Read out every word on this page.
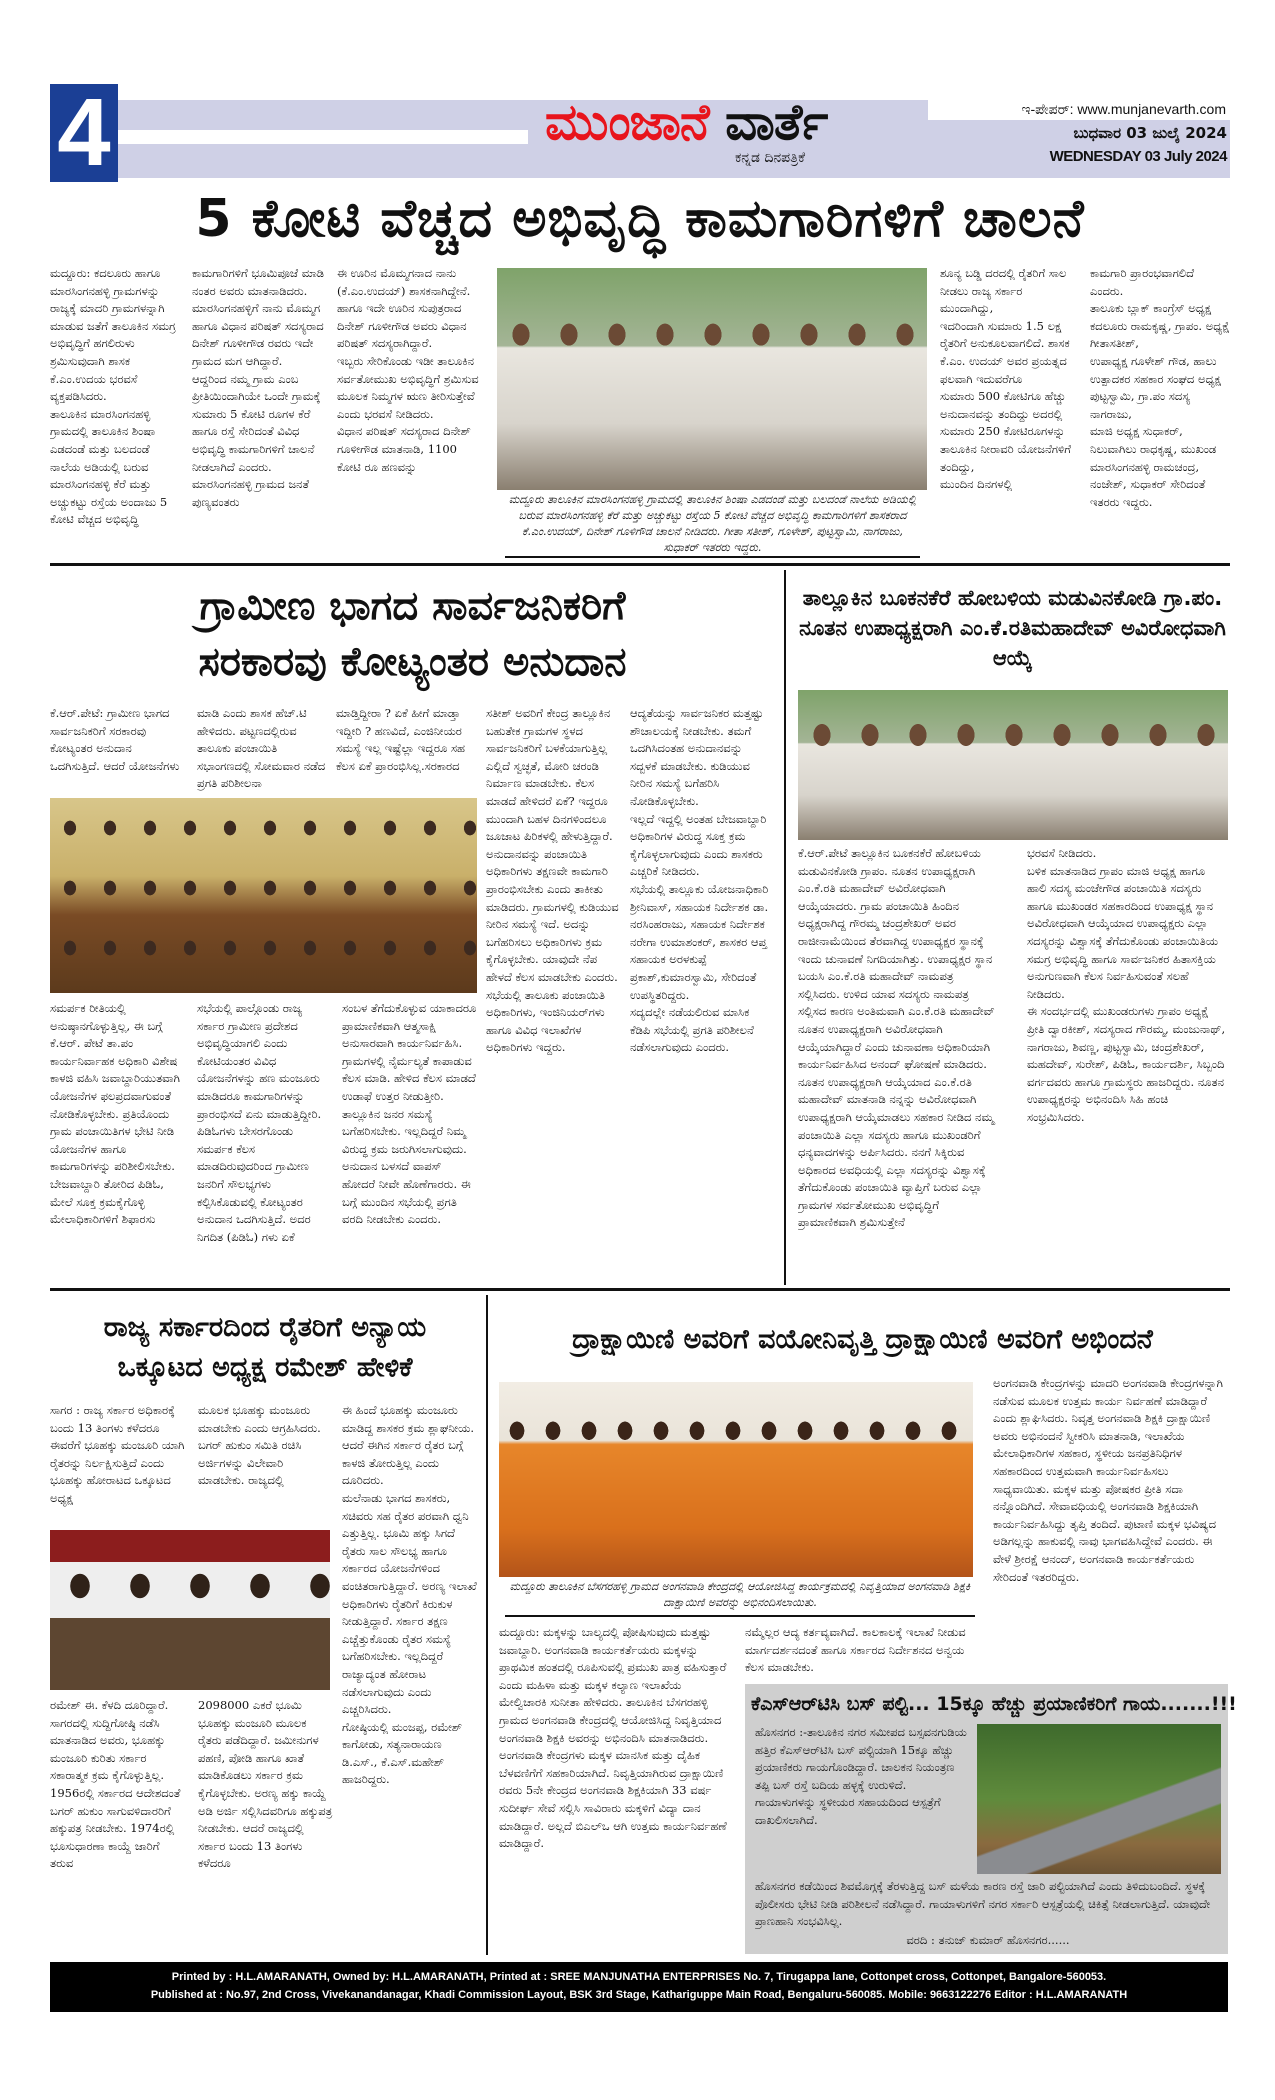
4	ಮುಂಜಾನೆ ವಾರ್ತೆ
ಕನ್ನಡ ದಿನಪತ್ರಿಕೆ
ಇ-ಪೇಪರ್: www.munjanevarth.com
ಬುಧವಾರ 03 ಜುಲೈ 2024
WEDNESDAY 03 July 2024
5 ಕೋಟಿ ವೆಚ್ಚದ ಅಭಿವೃದ್ಧಿ ಕಾಮಗಾರಿಗಳಿಗೆ ಚಾಲನೆ
ಮದ್ದೂರು: ಕದಲೂರು ಹಾಗೂ ಮಾರಸಿಂಗನಹಳ್ಳಿ ಗ್ರಾಮಗಳನ್ನು ರಾಜ್ಯಕ್ಕೆ ಮಾದರಿ ಗ್ರಾಮಗಳನ್ನಾಗಿ ಮಾಡುವ ಜತೆಗೆ ತಾಲೂಕಿನ ಸಮಗ್ರ ಅಭಿವೃದ್ಧಿಗೆ ಹಗಲಿರುಳು ಶ್ರಮಿಸುವುದಾಗಿ ಶಾಸಕ ಕೆ.ಎಂ.ಉದಯ ಭರವಸೆ ವ್ಯಕ್ತಪಡಿಸಿದರು.
ತಾಲೂಕಿನ ಮಾರಸಿಂಗನಹಳ್ಳಿ ಗ್ರಾಮದಲ್ಲಿ ತಾಲೂಕಿನ ಶಿಂಷಾ ಎಡದಂಡೆ ಮತ್ತು ಬಲದಂಡೆ ನಾಲೆಯ ಅಡಿಯಲ್ಲಿ ಬರುವ ಮಾರಸಿಂಗನಹಳ್ಳಿ ಕೆರೆ ಮತ್ತು ಅಚ್ಚುಕಟ್ಟು ರಸ್ತೆಯ ಅಂದಾಜು 5 ಕೋಟಿ ವೆಚ್ಚದ ಅಭಿವೃದ್ಧಿ
ಕಾಮಗಾರಿಗಳಿಗೆ ಭೂಮಿಪೂಜೆ ಮಾಡಿ ನಂತರ ಅವರು ಮಾತನಾಡಿದರು.
ಮಾರಸಿಂಗನಹಳ್ಳಿಗೆ ನಾನು ಮೊಮ್ಮಗ ಹಾಗೂ ವಿಧಾನ ಪರಿಷತ್ ಸದಸ್ಯರಾದ ದಿನೇಶ್ ಗೂಳೀಗೌಡ ರವರು ಇದೇ ಗ್ರಾಮದ ಮಗ ಆಗಿದ್ದಾರೆ.
ಆದ್ದರಿಂದ ನಮ್ಮ ಗ್ರಾಮ ಎಂಬ ಪ್ರೀತಿಯಿಂದಾಗಿಯೇ ಒಂದೇ ಗ್ರಾಮಕ್ಕೆ ಸುಮಾರು 5 ಕೋಟಿ ರೂಗಳ ಕೆರೆ ಹಾಗೂ ರಸ್ತೆ ಸೇರಿದಂತೆ ವಿವಿಧ ಅಭಿವೃದ್ಧಿ ಕಾಮಗಾರಿಗಳಿಗೆ ಚಾಲನೆ ನೀಡಲಾಗಿದೆ ಎಂದರು.
ಮಾರಸಿಂಗನಹಳ್ಳಿ ಗ್ರಾಮದ ಜನತೆ ಪುಣ್ಯವಂತರು
ಈ ಊರಿನ ಮೊಮ್ಮಗನಾದ ನಾನು (ಕೆ.ಎಂ.ಉದಯ್) ಶಾಸಕನಾಗಿದ್ದೇನೆ.
ಹಾಗೂ ಇದೇ ಊರಿನ ಸುಪುತ್ರರಾದ ದಿನೇಶ್ ಗೂಳೀಗೌಡ ಅವರು ವಿಧಾನ ಪರಿಷತ್ ಸದಸ್ಯರಾಗಿದ್ದಾರೆ.
ಇಬ್ಬರು ಸೇರಿಕೊಂಡು ಇಡೀ ತಾಲೂಕಿನ ಸರ್ವತೋಮುಖ ಅಭಿವೃದ್ಧಿಗೆ ಶ್ರಮಿಸುವ ಮೂಲಕ ನಿಮ್ಮಗಳ ಋಣ ತೀರಿಸುತ್ತೇವೆ ಎಂದು ಭರವಸೆ ನೀಡಿದರು.
ವಿಧಾನ ಪರಿಷತ್ ಸದಸ್ಯರಾದ ದಿನೇಶ್ ಗೂಳೀಗೌಡ ಮಾತನಾಡಿ, 1100 ಕೋಟಿ ರೂ ಹಣವನ್ನು
ಮದ್ದೂರು ತಾಲೂಕಿನ ಮಾರಸಿಂಗನಹಳ್ಳಿ ಗ್ರಾಮದಲ್ಲಿ ತಾಲೂಕಿನ ಶಿಂಷಾ ಎಡದಂಡೆ ಮತ್ತು ಬಲದಂಡೆ ನಾಲೆಯ ಅಡಿಯಲ್ಲಿ ಬರುವ ಮಾರಸಿಂಗನಹಳ್ಳಿ ಕೆರೆ ಮತ್ತು ಅಚ್ಚುಕಟ್ಟು ರಸ್ತೆಯ 5 ಕೋಟಿ ವೆಚ್ಚದ ಅಭಿವೃದ್ಧಿ ಕಾಮಗಾರಿಗಳಿಗೆ ಶಾಸಕರಾದ ಕೆ.ಎಂ.ಉದಯ್, ದಿನೇಶ್ ಗೂಳಿಗೌಡ ಚಾಲನೆ ನೀಡಿದರು. ಗೀತಾ ಸತೀಶ್, ಗೂಳೇಶ್, ಪುಟ್ಟಸ್ವಾಮಿ, ನಾಗರಾಜು, ಸುಧಾಕರ್ ಇತರರು ಇದ್ದರು.
ಶೂನ್ಯ ಬಡ್ಡಿ ದರದಲ್ಲಿ ರೈತರಿಗೆ ಸಾಲ ನೀಡಲು ರಾಜ್ಯ ಸರ್ಕಾರ ಮುಂದಾಗಿದ್ದು,
ಇದರಿಂದಾಗಿ ಸುಮಾರು 1.5 ಲಕ್ಷ ರೈತರಿಗೆ ಅನುಕೂಲವಾಗಲಿದೆ. ಶಾಸಕ ಕೆ.ಎಂ. ಉದಯ್ ಅವರ ಪ್ರಯತ್ನದ ಫಲವಾಗಿ ಇದುವರೆಗೂ
ಸುಮಾರು 500 ಕೋಟಿಗೂ ಹೆಚ್ಚು ಅನುದಾನವನ್ನು ತಂದಿದ್ದು ಅದರಲ್ಲಿ ಸುಮಾರು 250 ಕೋಟಿರೂಗಳನ್ನು ತಾಲೂಕಿನ ನೀರಾವರಿ ಯೋಜನೆಗಳಿಗೆ ತಂದಿದ್ದು,
ಮುಂದಿನ ದಿನಗಳಲ್ಲಿ
ಕಾಮಗಾರಿ ಪ್ರಾರಂಭವಾಗಲಿದೆ ಎಂದರು.
ತಾಲೂಕು ಬ್ಲಾಕ್ ಕಾಂಗ್ರೆಸ್ ಅಧ್ಯಕ್ಷ ಕದಲೂರು ರಾಮಕೃಷ್ಣ, ಗ್ರಾಪಂ. ಅಧ್ಯಕ್ಷೆ ಗೀತಾಸತೀಶ್,
ಉಪಾಧ್ಯಕ್ಷ ಗೂಳೇಶ್ ಗೌಡ, ಹಾಲು ಉತ್ಪಾದಕರ ಸಹಕಾರ ಸಂಘದ ಅಧ್ಯಕ್ಷ ಪುಟ್ಟಸ್ವಾಮಿ, ಗ್ರಾ.ಪಂ ಸದಸ್ಯ ನಾಗರಾಜು,
ಮಾಜಿ ಅಧ್ಯಕ್ಷ ಸುಧಾಕರ್, ನಿಲುವಾಗಿಲು ರಾಧಕೃಷ್ಣ, ಮುಖಂಡ ಮಾರಸಿಂಗನಹಳ್ಳಿ ರಾಮಚಂದ್ರ, ನಂಜೇಶ್, ಸುಧಾಕರ್ ಸೇರಿದಂತೆ ಇತರರು ಇದ್ದರು.
ಗ್ರಾಮೀಣ ಭಾಗದ ಸಾರ್ವಜನಿಕರಿಗೆ
ಸರಕಾರವು ಕೋಟ್ಯಂತರ ಅನುದಾನ
ಕೆ.ಆರ್.ಪೇಟೆ: ಗ್ರಾಮೀಣ ಭಾಗದ ಸಾರ್ವಜನಿಕರಿಗೆ ಸರಕಾರವು ಕೋಟ್ಯಂತರ ಅನುದಾನ ಒದಗಿಸುತ್ತಿದೆ. ಆದರೆ ಯೋಜನೆಗಳು
ಮಾಡಿ ಎಂದು ಶಾಸಕ ಹೆಚ್.ಟಿ ಹೇಳಿದರು. ಪಟ್ಟಣದಲ್ಲಿರುವ ತಾಲೂಕು ಪಂಚಾಯಿತಿ ಸಭಾಂಗಣದಲ್ಲಿ ಸೋಮವಾರ ನಡೆದ ಪ್ರಗತಿ ಪರಿಶೀಲನಾ
ಮಾಡ್ತಿದ್ದೀರಾ ? ಏಕೆ ಹೀಗೆ ಮಾಡ್ತಾ ಇದ್ದೀರಿ ? ಹಣವಿದೆ, ಎಂಜಿನೀಯರ ಸಮಸ್ಯೆ ಇಲ್ಲ ಇಷ್ಟೆಲ್ಲಾ ಇದ್ದರೂ ಸಹ ಕೆಲಸ ಏಕೆ ಪ್ರಾರಂಭಿಸಿಲ್ಲ.ಸರಕಾರದ
ಸತೀಶ್ ಅವರಿಗೆ ಕೇಂದ್ರ ತಾಲ್ಲೂಕಿನ ಬಹುತೇಕ ಗ್ರಾಮಗಳ ಸ್ಥಳದ ಸಾರ್ವಜನಿಕರಿಗೆ ಬಳಕೆಯಾಗುತ್ತಿಲ್ಲ ಎಲ್ಲಿದೆ ಸ್ವಚ್ಛತೆ, ಮೋರಿ ಚರಂಡಿ ನಿರ್ಮಾಣ ಮಾಡಬೇಕು. ಕೆಲಸ ಮಾಡದೆ ಹೇಳಿದರೆ ಏಕೆ? ಇದ್ದರೂ ಮುಂದಾಗಿ ಬಹಳ ದಿನಗಳಿಂದಲೂ ಜೂಜಾಟ ಪಿರಿಕಳಲ್ಲಿ ಹೇಳುತ್ತಿದ್ದಾರೆ. ಅನುದಾನವನ್ನು ಪಂಚಾಯಿತಿ ಅಧಿಕಾರಿಗಳು ತಕ್ಷಣವೇ ಕಾಮಗಾರಿ ಪ್ರಾರಂಭಿಸಬೇಕು ಎಂದು ತಾಕೀತು ಮಾಡಿದರು. ಗ್ರಾಮಗಳಲ್ಲಿ ಕುಡಿಯುವ ನೀರಿನ ಸಮಸ್ಯೆ ಇದೆ. ಅದನ್ನು ಬಗೆಹರಿಸಲು ಅಧಿಕಾರಿಗಳು ಕ್ರಮ ಕೈಗೊಳ್ಳಬೇಕು. ಯಾವುದೇ ನೆಪ ಹೇಳದೆ ಕೆಲಸ ಮಾಡಬೇಕು ಎಂದರು. ಸಭೆಯಲ್ಲಿ ತಾಲೂಕು ಪಂಚಾಯಿತಿ ಅಧಿಕಾರಿಗಳು, ಇಂಜಿನಿಯರ್‌ಗಳು ಹಾಗೂ ವಿವಿಧ ಇಲಾಖೆಗಳ ಅಧಿಕಾರಿಗಳು ಇದ್ದರು.
ಆದ್ಯತೆಯನ್ನು ಸಾರ್ವಜನಿಕರ ಮತ್ತಷ್ಟು ಶೌಚಾಲಯಕ್ಕೆ ನೀಡಬೇಕು. ತಮಗೆ ಒದಗಿಸಿದಂತಹ ಅನುದಾನವನ್ನು ಸದ್ಬಳಕೆ ಮಾಡಬೇಕು. ಕುಡಿಯುವ ನೀರಿನ ಸಮಸ್ಯೆ ಬಗೆಹರಿಸಿ ನೋಡಿಕೊಳ್ಳಬೇಕು.
ಇಲ್ಲದೆ ಇದ್ದಲ್ಲಿ ಅಂತಹ ಬೇಜವಾಬ್ದಾರಿ ಅಧಿಕಾರಿಗಳ ವಿರುದ್ಧ ಸೂಕ್ತ ಕ್ರಮ ಕೈಗೊಳ್ಳಲಾಗುವುದು ಎಂದು ಶಾಸಕರು ಎಚ್ಚರಿಕೆ ನೀಡಿದರು.
ಸಭೆಯಲ್ಲಿ ತಾಲ್ಲೂಕು ಯೋಜನಾಧಿಕಾರಿ ಶ್ರೀನಿವಾಸ್, ಸಹಾಯಕ ನಿರ್ದೇಶಕ ಡಾ. ನರಸಿಂಹರಾಜು, ಸಹಾಯಕ ನಿರ್ದೇಶಕ ನರೇಗಾ ಉಮಾಶಂಕರ್, ಶಾಸಕರ ಆಪ್ತ ಸಹಾಯಕ ಅರಳಕುಪ್ಪೆ ಪ್ರಕಾಶ್,ಕುಮಾರಸ್ವಾಮಿ, ಸೇರಿದಂತೆ ಉಪಸ್ಥಿತರಿದ್ದರು.
ಸದ್ಯದಲ್ಲೇ ನಡೆಯಲಿರುವ ಮಾಸಿಕ ಕೆಡಿಪಿ ಸಭೆಯಲ್ಲಿ ಪ್ರಗತಿ ಪರಿಶೀಲನೆ ನಡೆಸಲಾಗುವುದು ಎಂದರು.
ಸಮರ್ಪಕ ರೀತಿಯಲ್ಲಿ ಅನುಷ್ಠಾನಗೊಳ್ಳುತ್ತಿಲ್ಲ, ಈ ಬಗ್ಗೆ ಕೆ.ಆರ್. ಪೇಟೆ ತಾ.ಪಂ ಕಾರ್ಯನಿರ್ವಾಹಕ ಅಧಿಕಾರಿ ವಿಶೇಷ ಕಾಳಜಿ ವಹಿಸಿ ಜವಾಬ್ದಾರಿಯುತವಾಗಿ ಯೋಜನೆಗಳ ಫಲಪ್ರದವಾಗುವಂತೆ ನೋಡಿಕೊಳ್ಳಬೇಕು. ಪ್ರತಿಯೊಂದು ಗ್ರಾಮ ಪಂಚಾಯಿತಿಗಳ ಭೇಟಿ ನೀಡಿ ಯೋಜನೆಗಳ ಹಾಗೂ ಕಾಮಗಾರಿಗಳನ್ನು ಪರಿಶೀಲಿಸಬೇಕು. ಬೇಜವಾಬ್ದಾರಿ ತೋರಿದ ಪಿಡಿಓ, ಮೇಲೆ ಸೂಕ್ತ ಕ್ರಮಕೈಗೊಳ್ಳಿ ಮೇಲಾಧಿಕಾರಿಗಳಿಗೆ ಶಿಫಾರಸು
ಸಭೆಯಲ್ಲಿ ಪಾಲ್ಗೊಂಡು ರಾಜ್ಯ ಸರ್ಕಾರ ಗ್ರಾಮೀಣ ಪ್ರದೇಶದ ಅಭಿವೃದ್ಧಿಯಾಗಲಿ ಎಂದು ಕೋಟಿಯಂತರ ವಿವಿಧ ಯೋಜನೆಗಳನ್ನು ಹಣ ಮಂಜೂರು ಮಾಡಿದರೂ ಕಾಮಗಾರಿಗಳನ್ನು ಪ್ರಾರಂಭಿಸದೆ ಏನು ಮಾಡುತ್ತಿದ್ದೀರಿ. ಪಿಡಿಓಗಳು ಬೇಸರಗೊಂಡು ಸಮರ್ಪಕ ಕೆಲಸ ಮಾಡದಿರುವುದರಿಂದ ಗ್ರಾಮೀಣ ಜನರಿಗೆ ಸೌಲಭ್ಯಗಳು ಕಲ್ಪಿಸಿಕೊಡುವಲ್ಲಿ ಕೋಟ್ಯಂತರ ಅನುದಾನ ಒದಗಿಸುತ್ತಿದೆ. ಅದರ ನಿಗದಿತ (ಪಿಡಿಓ) ಗಳು ಏಕೆ
ಸಂಬಳ ತೆಗೆದುಕೊಳ್ಳುವ ಯಾಕಾದರೂ ಪ್ರಾಮಾಣಿಕವಾಗಿ ಆತ್ಮಸಾಕ್ಷಿ ಅನುಸಾರವಾಗಿ ಕಾರ್ಯನಿರ್ವಹಿಸಿ. ಗ್ರಾಮಗಳಲ್ಲಿ ನೈರ್ಮಲ್ಯತೆ ಕಾಪಾಡುವ ಕೆಲಸ ಮಾಡಿ. ಹೇಳಿದ ಕೆಲಸ ಮಾಡದೆ ಉಡಾಫೆ ಉತ್ತರ ನೀಡುತ್ತೀರಿ. ತಾಲ್ಲೂಕಿನ ಜನರ ಸಮಸ್ಯೆ ಬಗೆಹರಿಸಬೇಕು. ಇಲ್ಲದಿದ್ದರೆ ನಿಮ್ಮ ವಿರುದ್ಧ ಕ್ರಮ ಜರುಗಿಸಲಾಗುವುದು. ಅನುದಾನ ಬಳಸದೆ ವಾಪಸ್ ಹೋದರೆ ನೀವೇ ಹೊಣೆಗಾರರು. ಈ ಬಗ್ಗೆ ಮುಂದಿನ ಸಭೆಯಲ್ಲಿ ಪ್ರಗತಿ ವರದಿ ನೀಡಬೇಕು ಎಂದರು.
ತಾಲ್ಲೂಕಿನ ಬೂಕನಕೆರೆ ಹೋಬಳಿಯ ಮಡುವಿನಕೋಡಿ ಗ್ರಾ.ಪಂ. ನೂತನ ಉಪಾಧ್ಯಕ್ಷರಾಗಿ ಎಂ.ಕೆ.ರತಿಮಹಾದೇವ್ ಅವಿರೋಧವಾಗಿ ಆಯ್ಕೆ
ಕೆ.ಆರ್.ಪೇಟೆ ತಾಲ್ಲೂಕಿನ ಬೂಕನಕೆರೆ ಹೋಬಳಿಯ ಮಡುವಿನಕೋಡಿ ಗ್ರಾಪಂ. ನೂತನ ಉಪಾಧ್ಯಕ್ಷರಾಗಿ ಎಂ.ಕೆ.ರತಿ ಮಹಾದೇವ್ ಅವಿರೋಧವಾಗಿ ಆಯ್ಕೆಯಾದರು. ಗ್ರಾಮ ಪಂಚಾಯಿತಿ ಹಿಂದಿನ ಅಧ್ಯಕ್ಷರಾಗಿದ್ದ ಗೌರಮ್ಮ ಚಂದ್ರಶೇಖರ್ ಅವರ ರಾಜೀನಾಮೆಯಿಂದ ತೆರವಾಗಿದ್ದ ಉಪಾಧ್ಯಕ್ಷರ ಸ್ಥಾನಕ್ಕೆ ಇಂದು ಚುನಾವಣೆ ನಿಗದಿಯಾಗಿತ್ತು. ಉಪಾಧ್ಯಕ್ಷರ ಸ್ಥಾನ ಬಯಸಿ ಎಂ.ಕೆ.ರತಿ ಮಹಾದೇವ್ ನಾಮಪತ್ರ ಸಲ್ಲಿಸಿದರು. ಉಳಿದ ಯಾವ ಸದಸ್ಯರು ನಾಮಪತ್ರ ಸಲ್ಲಿಸದ ಕಾರಣ ಅಂತಿಮವಾಗಿ ಎಂ.ಕೆ.ರತಿ ಮಹಾದೇವ್ ನೂತನ ಉಪಾಧ್ಯಕ್ಷರಾಗಿ ಅವಿರೋಧವಾಗಿ ಆಯ್ಕೆಯಾಗಿದ್ದಾರೆ ಎಂದು ಚುನಾವಣಾ ಅಧಿಕಾರಿಯಾಗಿ ಕಾರ್ಯನಿರ್ವಹಿಸಿದ ಅನಂದ್ ಘೋಷಣೆ ಮಾಡಿದರು.
ನೂತನ ಉಪಾಧ್ಯಕ್ಷರಾಗಿ ಆಯ್ಕೆಯಾದ ಎಂ.ಕೆ.ರತಿ ಮಹಾದೇವ್ ಮಾತನಾಡಿ ನನ್ನನ್ನು ಅವಿರೋಧವಾಗಿ ಉಪಾಧ್ಯಕ್ಷರಾಗಿ ಆಯ್ಕೆಮಾಡಲು ಸಹಕಾರ ನೀಡಿದ ನಮ್ಮ ಪಂಚಾಯಿತಿ ಎಲ್ಲಾ ಸದಸ್ಯರು ಹಾಗೂ ಮುಖಂಡರಿಗೆ ಧನ್ಯವಾದಗಳನ್ನು ಅರ್ಪಿಸಿದರು. ನನಗೆ ಸಿಕ್ಕಿರುವ ಅಧಿಕಾರದ ಅವಧಿಯಲ್ಲಿ ಎಲ್ಲಾ ಸದಸ್ಯರನ್ನು ವಿಶ್ವಾಸಕ್ಕೆ ತೆಗೆದುಕೊಂಡು ಪಂಚಾಯಿತಿ ವ್ಯಾಪ್ತಿಗೆ ಬರುವ ಎಲ್ಲಾ ಗ್ರಾಮಗಳ ಸರ್ವತೋಮುಖ ಅಭಿವೃದ್ಧಿಗೆ ಪ್ರಾಮಾಣಿಕವಾಗಿ ಶ್ರಮಿಸುತ್ತೇನೆ
ಭರವಸೆ ನೀಡಿದರು.
ಬಳಿಕ ಮಾತನಾಡಿದ ಗ್ರಾಪಂ ಮಾಜಿ ಅಧ್ಯಕ್ಷ ಹಾಗೂ ಹಾಲಿ ಸದಸ್ಯ ಮಂಜೇಗೌಡ ಪಂಚಾಯಿತಿ ಸದಸ್ಯರು ಹಾಗೂ ಮುಖಂಡರ ಸಹಕಾರದಿಂದ ಉಪಾಧ್ಯಕ್ಷ ಸ್ಥಾನ ಅವಿರೋಧವಾಗಿ ಆಯ್ಕೆಯಾದ ಉಪಾಧ್ಯಕ್ಷರು ಎಲ್ಲಾ ಸದಸ್ಯರನ್ನು ವಿಶ್ವಾಸಕ್ಕೆ ತೆಗೆದುಕೊಂಡು ಪಂಚಾಯಿತಿಯ ಸಮಗ್ರ ಅಭಿವೃದ್ಧಿ ಹಾಗೂ ಸಾರ್ವಜನಿಕರ ಹಿತಾಸಕ್ತಿಯ ಅನುಗುಣವಾಗಿ ಕೆಲಸ ನಿರ್ವಹಿಸುವಂತೆ ಸಲಹೆ ನೀಡಿದರು.
ಈ ಸಂದರ್ಭದಲ್ಲಿ ಮುಖಂಡರುಗಳು ಗ್ರಾಪಂ ಅಧ್ಯಕ್ಷೆ ಪ್ರೀತಿ ದ್ವಾರಕೀಶ್, ಸದಸ್ಯರಾದ ಗೌರಮ್ಮ, ಮಂಜುನಾಥ್, ನಾಗರಾಜು, ಶಿವಣ್ಣ, ಪುಟ್ಟಸ್ವಾಮಿ, ಚಂದ್ರಶೇಖರ್, ಮಹದೇವ್, ಸುರೇಶ್, ಪಿಡಿಓ, ಕಾರ್ಯದರ್ಶಿ, ಸಿಬ್ಬಂದಿ ವರ್ಗದವರು ಹಾಗೂ ಗ್ರಾಮಸ್ಥರು ಹಾಜರಿದ್ದರು. ನೂತನ ಉಪಾಧ್ಯಕ್ಷರನ್ನು ಅಭಿನಂದಿಸಿ ಸಿಹಿ ಹಂಚಿ ಸಂಭ್ರಮಿಸಿದರು.
ರಾಜ್ಯ ಸರ್ಕಾರದಿಂದ ರೈತರಿಗೆ ಅನ್ಯಾಯ
ಒಕ್ಕೂಟದ ಅಧ್ಯಕ್ಷ ರಮೇಶ್ ಹೇಳಿಕೆ
ಸಾಗರ : ರಾಜ್ಯ ಸರ್ಕಾರ ಅಧಿಕಾರಕ್ಕೆ ಬಂದು 13 ತಿಂಗಳು ಕಳೆದರೂ ಈವರೆಗೆ ಭೂಹಕ್ಕು ಮಂಜೂರಿ ಯಾಗಿ ರೈತರನ್ನು ನಿರ್ಲಕ್ಷಿಸುತ್ತಿದೆ ಎಂದು ಭೂಹಕ್ಕು ಹೋರಾಟದ ಒಕ್ಕೂಟದ ಅಧ್ಯಕ್ಷ
ಮೂಲಕ ಭೂಹಕ್ಕು ಮಂಜೂರು ಮಾಡಬೇಕು ಎಂದು ಆಗ್ರಹಿಸಿದರು. ಬಗರ್ ಹುಕುಂ ಸಮಿತಿ ರಚಿಸಿ ಅರ್ಜಿಗಳನ್ನು ವಿಲೇವಾರಿ ಮಾಡಬೇಕು. ರಾಜ್ಯದಲ್ಲಿ
ಈ ಹಿಂದೆ ಭೂಹಕ್ಕು ಮಂಜೂರು ಮಾಡಿದ್ದ ಶಾಸಕರ ಕ್ರಮ ಶ್ಲಾಘನೀಯ. ಆದರೆ ಈಗಿನ ಸರ್ಕಾರ ರೈತರ ಬಗ್ಗೆ ಕಾಳಜಿ ತೋರುತ್ತಿಲ್ಲ ಎಂದು ದೂರಿದರು.
ಮಲೆನಾಡು ಭಾಗದ ಶಾಸಕರು, ಸಚಿವರು ಸಹ ರೈತರ ಪರವಾಗಿ ಧ್ವನಿ ಎತ್ತುತ್ತಿಲ್ಲ. ಭೂಮಿ ಹಕ್ಕು ಸಿಗದೆ ರೈತರು ಸಾಲ ಸೌಲಭ್ಯ ಹಾಗೂ ಸರ್ಕಾರದ ಯೋಜನೆಗಳಿಂದ ವಂಚಿತರಾಗುತ್ತಿದ್ದಾರೆ. ಅರಣ್ಯ ಇಲಾಖೆ ಅಧಿಕಾರಿಗಳು ರೈತರಿಗೆ ಕಿರುಕುಳ ನೀಡುತ್ತಿದ್ದಾರೆ. ಸರ್ಕಾರ ತಕ್ಷಣ ಎಚ್ಚೆತ್ತುಕೊಂಡು ರೈತರ ಸಮಸ್ಯೆ ಬಗೆಹರಿಸಬೇಕು. ಇಲ್ಲದಿದ್ದರೆ ರಾಜ್ಯಾದ್ಯಂತ ಹೋರಾಟ ನಡೆಸಲಾಗುವುದು ಎಂದು ಎಚ್ಚರಿಸಿದರು.
ಗೋಷ್ಠಿಯಲ್ಲಿ ಮಂಜಪ್ಪ, ರಮೇಶ್ ಕಾಗೋಡು, ಸತ್ಯನಾರಾಯಣ ಡಿ.ಎಸ್., ಕೆ.ಎಸ್.ಮಹೇಶ್ ಹಾಜರಿದ್ದರು.
ರಮೇಶ್ ಈ. ಕೆಳದಿ ದೂರಿದ್ದಾರೆ.
ಸಾಗರದಲ್ಲಿ ಸುದ್ದಿಗೋಷ್ಠಿ ನಡೆಸಿ ಮಾತನಾಡಿದ ಅವರು, ಭೂಹಕ್ಕು ಮಂಜೂರಿ ಕುರಿತು ಸರ್ಕಾರ ಸಕಾರಾತ್ಮಕ ಕ್ರಮ ಕೈಗೊಳ್ಳುತ್ತಿಲ್ಲ. 1956ರಲ್ಲಿ ಸರ್ಕಾರದ ಆದೇಶದಂತೆ ಬಗರ್ ಹುಕುಂ ಸಾಗುವಳಿದಾರರಿಗೆ ಹಕ್ಕುಪತ್ರ ನೀಡಬೇಕು. 1974ರಲ್ಲಿ ಭೂಸುಧಾರಣಾ ಕಾಯ್ದೆ ಜಾರಿಗೆ ತರುವ
2098000 ಎಕರೆ ಭೂಮಿ ಭೂಹಕ್ಕು ಮಂಜೂರಿ ಮೂಲಕ ರೈತರು ಪಡೆದಿದ್ದಾರೆ. ಜಮೀನುಗಳ ಪಹಣಿ, ಪೋಡಿ ಹಾಗೂ ಖಾತೆ ಮಾಡಿಕೊಡಲು ಸರ್ಕಾರ ಕ್ರಮ ಕೈಗೊಳ್ಳಬೇಕು. ಅರಣ್ಯ ಹಕ್ಕು ಕಾಯ್ದೆ ಅಡಿ ಅರ್ಜಿ ಸಲ್ಲಿಸಿದವರಿಗೂ ಹಕ್ಕುಪತ್ರ ನೀಡಬೇಕು. ಆದರೆ ರಾಜ್ಯದಲ್ಲಿ ಸರ್ಕಾರ ಬಂದು 13 ತಿಂಗಳು ಕಳೆದರೂ
ದ್ರಾಕ್ಷಾಯಿಣಿ ಅವರಿಗೆ ವಯೋನಿವೃತ್ತಿ ದ್ರಾಕ್ಷಾಯಿಣಿ ಅವರಿಗೆ ಅಭಿಂದನೆ
ಮದ್ದೂರು ತಾಲೂಕಿನ ಬೆಸಗರಹಳ್ಳಿ ಗ್ರಾಮದ ಅಂಗನವಾಡಿ ಕೇಂದ್ರದಲ್ಲಿ ಆಯೋಜಿಸಿದ್ದ ಕಾರ್ಯಕ್ರಮದಲ್ಲಿ ನಿವೃತ್ತಿಯಾದ ಅಂಗನವಾಡಿ ಶಿಕ್ಷಕಿ ದಾಕ್ಷಾಯಿಣಿ ಅವರನ್ನು ಅಭಿನಂದಿಸಲಾಯಿತು.
ಅಂಗನವಾಡಿ ಕೇಂದ್ರಗಳನ್ನು ಮಾದರಿ ಅಂಗನವಾಡಿ ಕೇಂದ್ರಗಳನ್ನಾಗಿ ನಡೆಸುವ ಮೂಲಕ ಉತ್ತಮ ಕಾರ್ಯ ನಿರ್ವಹಣೆ ಮಾಡಿದ್ದಾರೆ ಎಂದು ಶ್ಲಾಘಿಸಿದರು. ನಿವೃತ್ತ ಅಂಗನವಾಡಿ ಶಿಕ್ಷಕಿ ದ್ರಾಕ್ಷಾಯಿಣಿ ಅವರು ಅಭಿನಂದನೆ ಸ್ವೀಕರಿಸಿ ಮಾತನಾಡಿ, ಇಲಾಖೆಯ ಮೇಲಾಧಿಕಾರಿಗಳ ಸಹಕಾರ, ಸ್ಥಳೀಯ ಜನಪ್ರತಿನಿಧಿಗಳ ಸಹಕಾರದಿಂದ ಉತ್ತಮವಾಗಿ ಕಾರ್ಯನಿರ್ವಹಿಸಲು ಸಾಧ್ಯವಾಯಿತು. ಮಕ್ಕಳ ಮತ್ತು ಪೋಷಕರ ಪ್ರೀತಿ ಸದಾ ನನ್ನೊಂದಿಗಿದೆ. ಸೇವಾವಧಿಯಲ್ಲಿ ಅಂಗನವಾಡಿ ಶಿಕ್ಷಕಿಯಾಗಿ ಕಾರ್ಯನಿರ್ವಹಿಸಿದ್ದು ತೃಪ್ತಿ ತಂದಿದೆ. ಪುಟಾಣಿ ಮಕ್ಕಳ ಭವಿಷ್ಯದ ಅಡಿಗಲ್ಲನ್ನು ಹಾಕುವಲ್ಲಿ ನಾವು ಭಾಗವಹಿಸಿದ್ದೇವೆ ಎಂದರು. ಈ ವೇಳೆ ಶ್ರೀರಕ್ಷೆ ಆನಂದ್, ಅಂಗನವಾಡಿ ಕಾರ್ಯಕರ್ತೆಯರು ಸೇರಿದಂತೆ ಇತರರಿದ್ದರು.
ಮದ್ದೂರು: ಮಕ್ಕಳನ್ನು ಬಾಲ್ಯದಲ್ಲಿ ಪೋಷಿಸುವುದು ಮತ್ತಷ್ಟು ಜವಾಬ್ದಾರಿ. ಅಂಗನವಾಡಿ ಕಾರ್ಯಕರ್ತೆಯರು ಮಕ್ಕಳನ್ನು ಪ್ರಾಥಮಿಕ ಹಂತದಲ್ಲಿ ರೂಪಿಸುವಲ್ಲಿ ಪ್ರಮುಖ ಪಾತ್ರ ವಹಿಸುತ್ತಾರೆ ಎಂದು ಮಹಿಳಾ ಮತ್ತು ಮಕ್ಕಳ ಕಲ್ಯಾಣ ಇಲಾಖೆಯ ಮೇಲ್ವಿಚಾರಕಿ ಸುನೀತಾ ಹೇಳಿದರು. ತಾಲೂಕಿನ ಬೆಸಗರಹಳ್ಳಿ ಗ್ರಾಮದ ಅಂಗನವಾಡಿ ಕೇಂದ್ರದಲ್ಲಿ ಆಯೋಜಿಸಿದ್ದ ನಿವೃತ್ತಿಯಾದ ಅಂಗನವಾಡಿ ಶಿಕ್ಷಕಿ ಅವರನ್ನು ಅಭಿನಂದಿಸಿ ಮಾತನಾಡಿದರು. ಅಂಗನವಾಡಿ ಕೇಂದ್ರಗಳು ಮಕ್ಕಳ ಮಾನಸಿಕ ಮತ್ತು ದೈಹಿಕ ಬೆಳವಣಿಗೆಗೆ ಸಹಕಾರಿಯಾಗಿದೆ. ನಿವೃತ್ತಿಯಾಗಿರುವ ದ್ರಾಕ್ಷಾಯಿಣಿ ರವರು 5ನೇ ಕೇಂದ್ರದ ಅಂಗನವಾಡಿ ಶಿಕ್ಷಕಿಯಾಗಿ 33 ವರ್ಷ ಸುದೀರ್ಘ ಸೇವೆ ಸಲ್ಲಿಸಿ ಸಾವಿರಾರು ಮಕ್ಕಳಿಗೆ ವಿದ್ಯಾ ದಾನ ಮಾಡಿದ್ದಾರೆ. ಅಲ್ಲದೆ ಬಿಎಲ್ಒ ಆಗಿ ಉತ್ತಮ ಕಾರ್ಯನಿರ್ವಹಣೆ ಮಾಡಿದ್ದಾರೆ.
ನಮ್ಮೆಲ್ಲರ ಆದ್ಯ ಕರ್ತವ್ಯವಾಗಿದೆ. ಕಾಲಕಾಲಕ್ಕೆ ಇಲಾಖೆ ನೀಡುವ ಮಾರ್ಗದರ್ಶನದಂತೆ ಹಾಗೂ ಸರ್ಕಾರದ ನಿರ್ದೇಶನದ ಅನ್ವಯ ಕೆಲಸ ಮಾಡಬೇಕು.
ಕೆಎಸ್ಆರ್‌ಟಿಸಿ ಬಸ್ ಪಲ್ಟಿ... 15ಕ್ಕೂ ಹೆಚ್ಚು ಪ್ರಯಾಣಿಕರಿಗೆ ಗಾಯ.......!!!
ಹೊಸನಗರ :-ತಾಲೂಕಿನ ನಗರ ಸಮೀಪದ ಬಸ್ಸವನಗುಡಿಯ ಹತ್ತಿರ ಕೆಎಸ್ಆರ್‌ಟಿಸಿ ಬಸ್ ಪಲ್ಟಿಯಾಗಿ 15ಕ್ಕೂ ಹೆಚ್ಚು ಪ್ರಯಾಣಿಕರು ಗಾಯಗೊಂಡಿದ್ದಾರೆ. ಚಾಲಕನ ನಿಯಂತ್ರಣ ತಪ್ಪಿ ಬಸ್ ರಸ್ತೆ ಬದಿಯ ಹಳ್ಳಕ್ಕೆ ಉರುಳಿದೆ. ಗಾಯಾಳುಗಳನ್ನು ಸ್ಥಳೀಯರ ಸಹಾಯದಿಂದ ಆಸ್ಪತ್ರೆಗೆ ದಾಖಲಿಸಲಾಗಿದೆ.
ಹೊಸನಗರ ಕಡೆಯಿಂದ ಶಿವಮೊಗ್ಗಕ್ಕೆ ತೆರಳುತ್ತಿದ್ದ ಬಸ್ ಮಳೆಯ ಕಾರಣ ರಸ್ತೆ ಜಾರಿ ಪಲ್ಟಿಯಾಗಿದೆ ಎಂದು ತಿಳಿದುಬಂದಿದೆ. ಸ್ಥಳಕ್ಕೆ ಪೊಲೀಸರು ಭೇಟಿ ನೀಡಿ ಪರಿಶೀಲನೆ ನಡೆಸಿದ್ದಾರೆ. ಗಾಯಾಳುಗಳಿಗೆ ನಗರ ಸರ್ಕಾರಿ ಆಸ್ಪತ್ರೆಯಲ್ಲಿ ಚಿಕಿತ್ಸೆ ನೀಡಲಾಗುತ್ತಿದೆ. ಯಾವುದೇ ಪ್ರಾಣಹಾನಿ ಸಂಭವಿಸಿಲ್ಲ.
ವರದಿ : ತನುಜ್ ಕುಮಾರ್ ಹೊಸನಗರ......
Printed by : H.L.AMARANATH, Owned by: H.L.AMARANATH, Printed at : SREE MANJUNATHA ENTERPRISES No. 7, Tirugappa lane, Cottonpet cross, Cottonpet, Bangalore-560053.
Published at : No.97, 2nd Cross, Vivekanandanagar, Khadi Commission Layout, BSK 3rd Stage, Kathariguppe Main Road, Bengaluru-560085. Mobile: 9663122276 Editor : H.L.AMARANATH
